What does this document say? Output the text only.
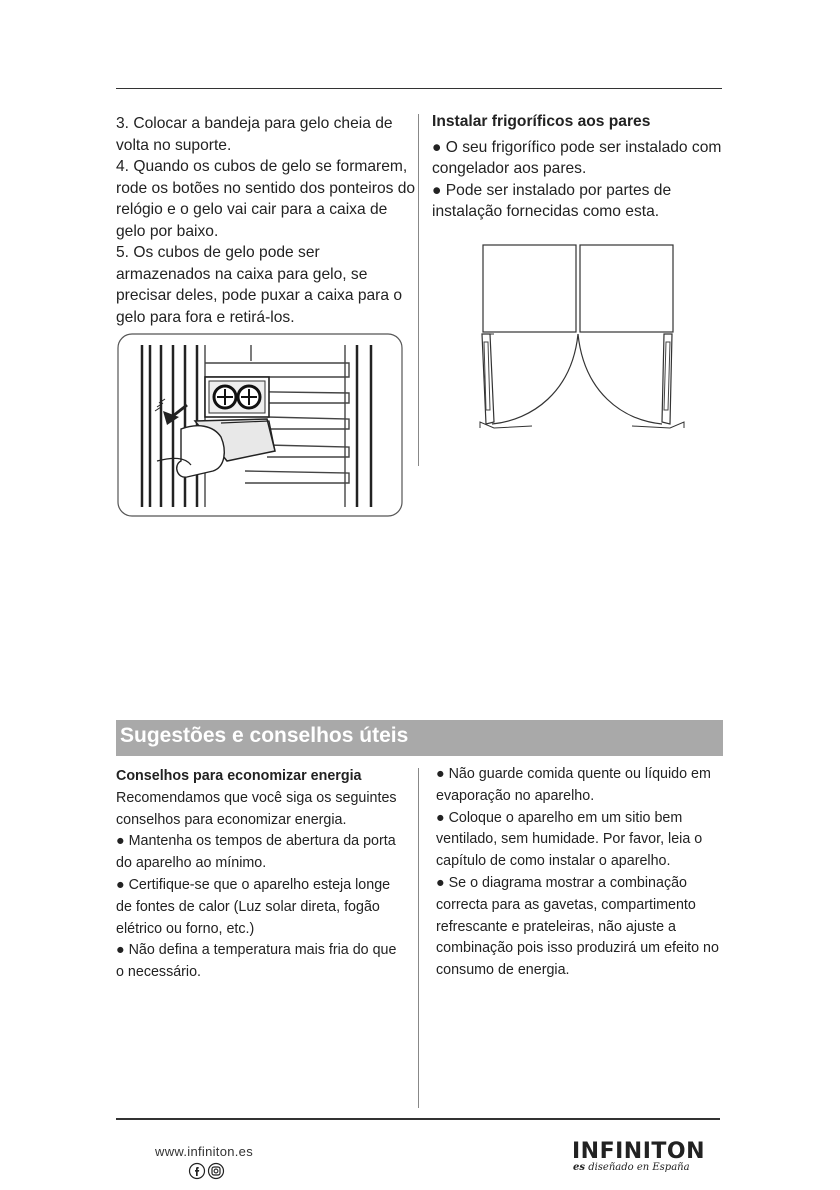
3. Colocar a bandeja para gelo cheia de volta no suporte.

4. Quando os cubos de gelo se formarem, rode os botões no sentido dos ponteiros do relógio e o gelo vai cair para a caixa de gelo por baixo.

5. Os cubos de gelo pode ser armazenados na caixa para gelo, se precisar deles, pode puxar a caixa para o gelo para fora e retirá-los.

Instalar frigoríficos aos pares

● O seu frigorífico pode ser instalado com congelador aos pares.

● Pode ser instalado por partes de instalação fornecidas como esta.

Sugestões e conselhos úteis
Conselhos para economizar energia

Recomendamos que você siga os seguintes conselhos para economizar energia.

● Mantenha os tempos de abertura da porta do aparelho ao mínimo.

● Certifique-se que o aparelho esteja longe de fontes de calor (Luz solar direta, fogão elétrico ou forno, etc.)

● Não defina a temperatura mais fria do que o necessário.

● Não guarde comida quente ou líquido em evaporação no aparelho.

● Coloque o aparelho em um sitio bem ventilado, sem humidade. Por favor, leia o capítulo de como instalar o aparelho.

● Se o diagrama mostrar a combinação correcta para as gavetas, compartimento refrescante e prateleiras, não ajuste a combinação pois isso produzirá um efeito no consumo de energia.

www.infiniton.es	INFINITON
es diseñado en España
